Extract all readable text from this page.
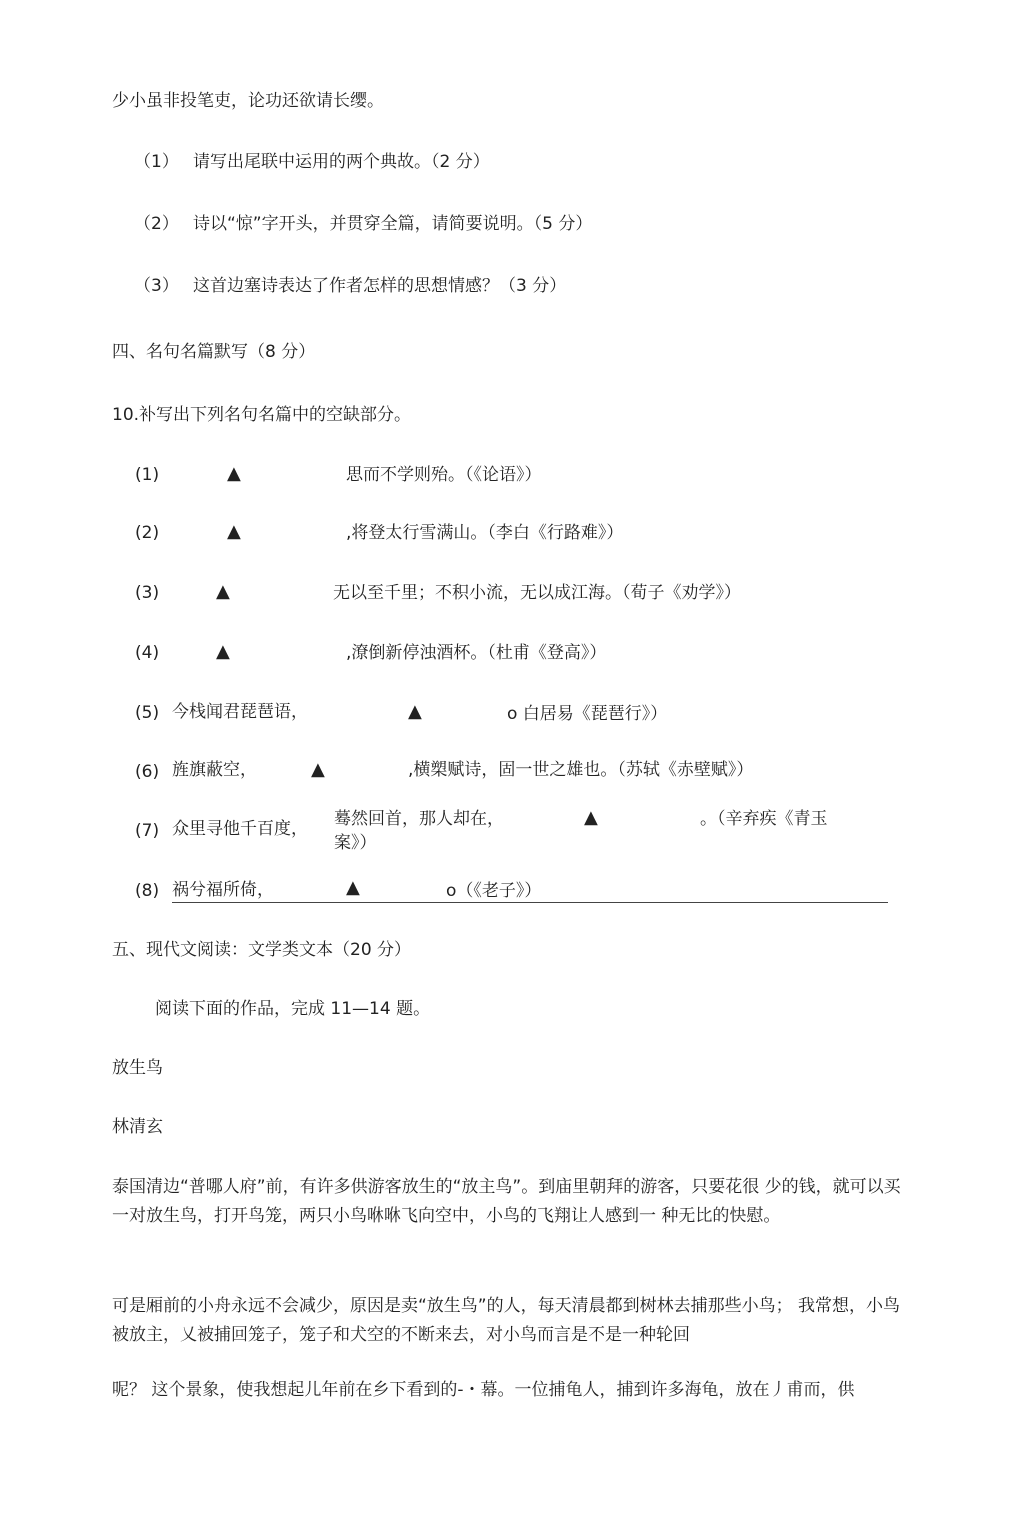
少小虽非投笔吏，论功还欲请长缨。
（1） 请写出尾联中运用的两个典故。（2 分）
（2） 诗以“惊”字开头，并贯穿全篇，请简要说明。（5 分）
（3） 这首边塞诗表达了作者怎样的思想情感？（3 分）
四、名句名篇默写（8 分）
10.补写出下列名句名篇中的空缺部分。
(1)	▲	思而不学则殆。（《论语》）
(2)	▲	,将登太行雪满山。（李白《行路难》）
(3)	▲	无以至千里；不积小流，无以成江海。（荀子《劝学》）
(4)	▲	,潦倒新停浊酒杯。（杜甫《登高》）
(5) 今栈闻君琵琶语，	▲	o 白居易《琵琶行》）
(6) 旌旗蔽空，	▲	,横槊赋诗，固一世之雄也。（苏轼《赤壁赋》）
(7) 众里寻他千百度， 蓦然回首，那人却在，	▲	。（辛弃疾《青玉案》）
(8) 祸兮福所倚，	▲	o（《老子》）
五、现代文阅读：文学类文本（20 分）
阅读下面的作品，完成 11—14 题。
放生鸟
林清玄
泰国清边“普哪人府”前，有许多供游客放生的“放主鸟”。到庙里朝拜的游客，只要花很 少的钱，就可以买一对放生鸟，打开鸟笼，两只小鸟咻咻飞向空中，小鸟的飞翔让人感到一 种无比的快慰。
可是厢前的小舟永远不会减少，原因是卖“放生鸟”的人，每天清晨都到树林去捕那些小鸟； 我常想，小鸟被放主，乂被捕回笼子，笼子和犬空的不断来去，对小鸟而言是不是一种轮回
呢？ 这个景象，使我想起儿年前在乡下看到的-・幕。一位捕龟人，捕到许多海龟，放在丿甫而，供
